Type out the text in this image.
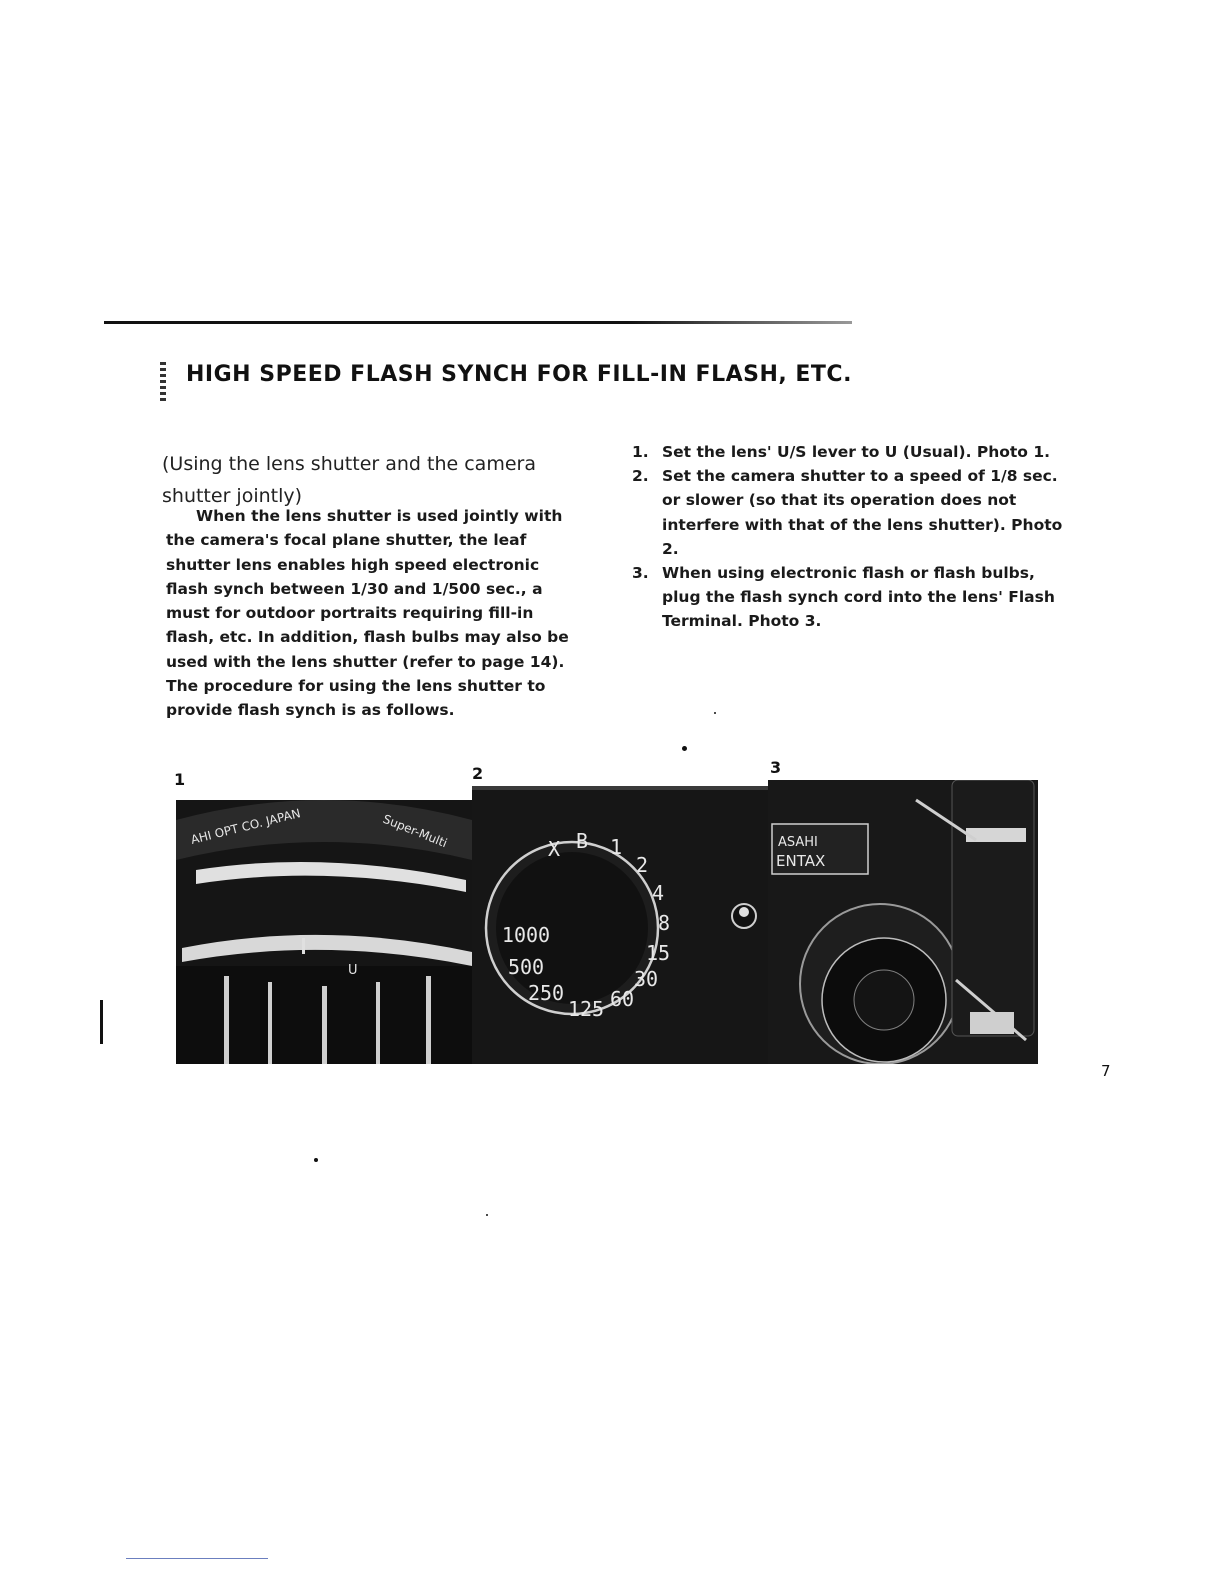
HIGH SPEED FLASH SYNCH FOR FILL-IN FLASH, ETC.
(Using the lens shutter and the camera shutter jointly)
When the lens shutter is used jointly with the camera's focal plane shutter, the leaf shutter lens enables high speed electronic flash synch between 1/30 and 1/500 sec., a must for outdoor portraits requiring fill-in flash, etc. In addition, flash bulbs may also be used with the lens shutter (refer to page 14). The procedure for using the lens shutter to provide flash synch is as follows.
1. Set the lens' U/S lever to U (Usual). Photo 1.
2. Set the camera shutter to a speed of 1/8 sec. or slower (so that its operation does not interfere with that of the lens shutter). Photo 2.
3. When using electronic flash or flash bulbs, plug the flash synch cord into the lens' Flash Terminal. Photo 3.
1	2	3
AHI OPT CO. JAPAN	Super-Multi
U
X B 1
2
4
8
15
30
60
125
250
500
1000
ASAHI
ENTAX
7
